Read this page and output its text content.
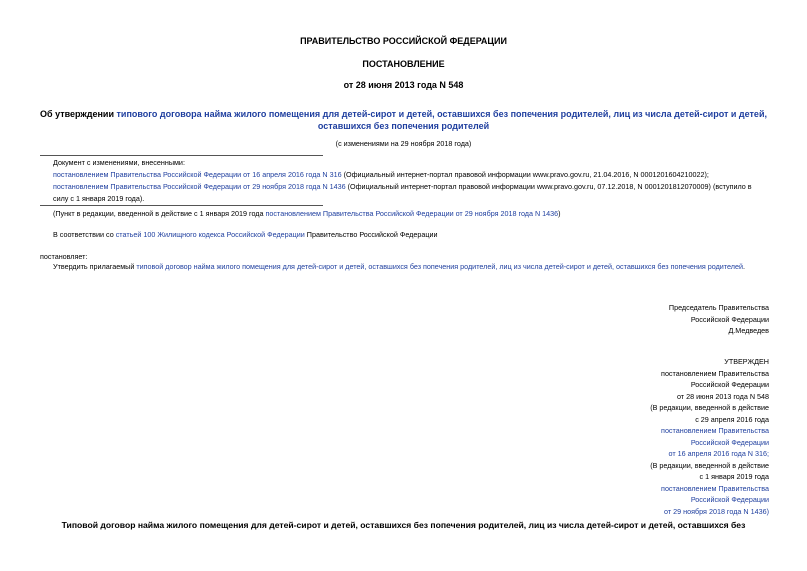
ПРАВИТЕЛЬСТВО РОССИЙСКОЙ ФЕДЕРАЦИИ
ПОСТАНОВЛЕНИЕ
от 28 июня 2013 года N 548
Об утверждении типового договора найма жилого помещения для детей-сирот и детей, оставшихся без попечения родителей, лиц из числа детей-сирот и детей, оставшихся без попечения родителей
(с изменениями на 29 ноября 2018 года)
Документ с изменениями, внесенными:
постановлением Правительства Российской Федерации от 16 апреля 2016 года N 316 (Официальный интернет-портал правовой информации www.pravo.gov.ru, 21.04.2016, N 0001201604210022);
постановлением Правительства Российской Федерации от 29 ноября 2018 года N 1436 (Официальный интернет-портал правовой информации www.pravo.gov.ru, 07.12.2018, N 0001201812070009) (вступило в силу с 1 января 2019 года).
(Пункт в редакции, введенной в действие с 1 января 2019 года постановлением Правительства Российской Федерации от 29 ноября 2018 года N 1436)
В соответствии со статьей 100 Жилищного кодекса Российской Федерации Правительство Российской Федерации
постановляет:
Утвердить прилагаемый типовой договор найма жилого помещения для детей-сирот и детей, оставшихся без попечения родителей, лиц из числа детей-сирот и детей, оставшихся без попечения родителей.
Председатель Правительства
Российской Федерации
Д.Медведев
УТВЕРЖДЕН
постановлением Правительства
Российской Федерации
от 28 июня 2013 года N 548
(В редакции, введенной в действие
с 29 апреля 2016 года
постановлением Правительства
Российской Федерации
от 16 апреля 2016 года N 316;
(В редакции, введенной в действие
с 1 января 2019 года
постановлением Правительства
Российской Федерации
от 29 ноября 2018 года N 1436)
Типовой договор найма жилого помещения для детей-сирот и детей, оставшихся без попечения родителей, лиц из числа детей-сирот и детей, оставшихся без
